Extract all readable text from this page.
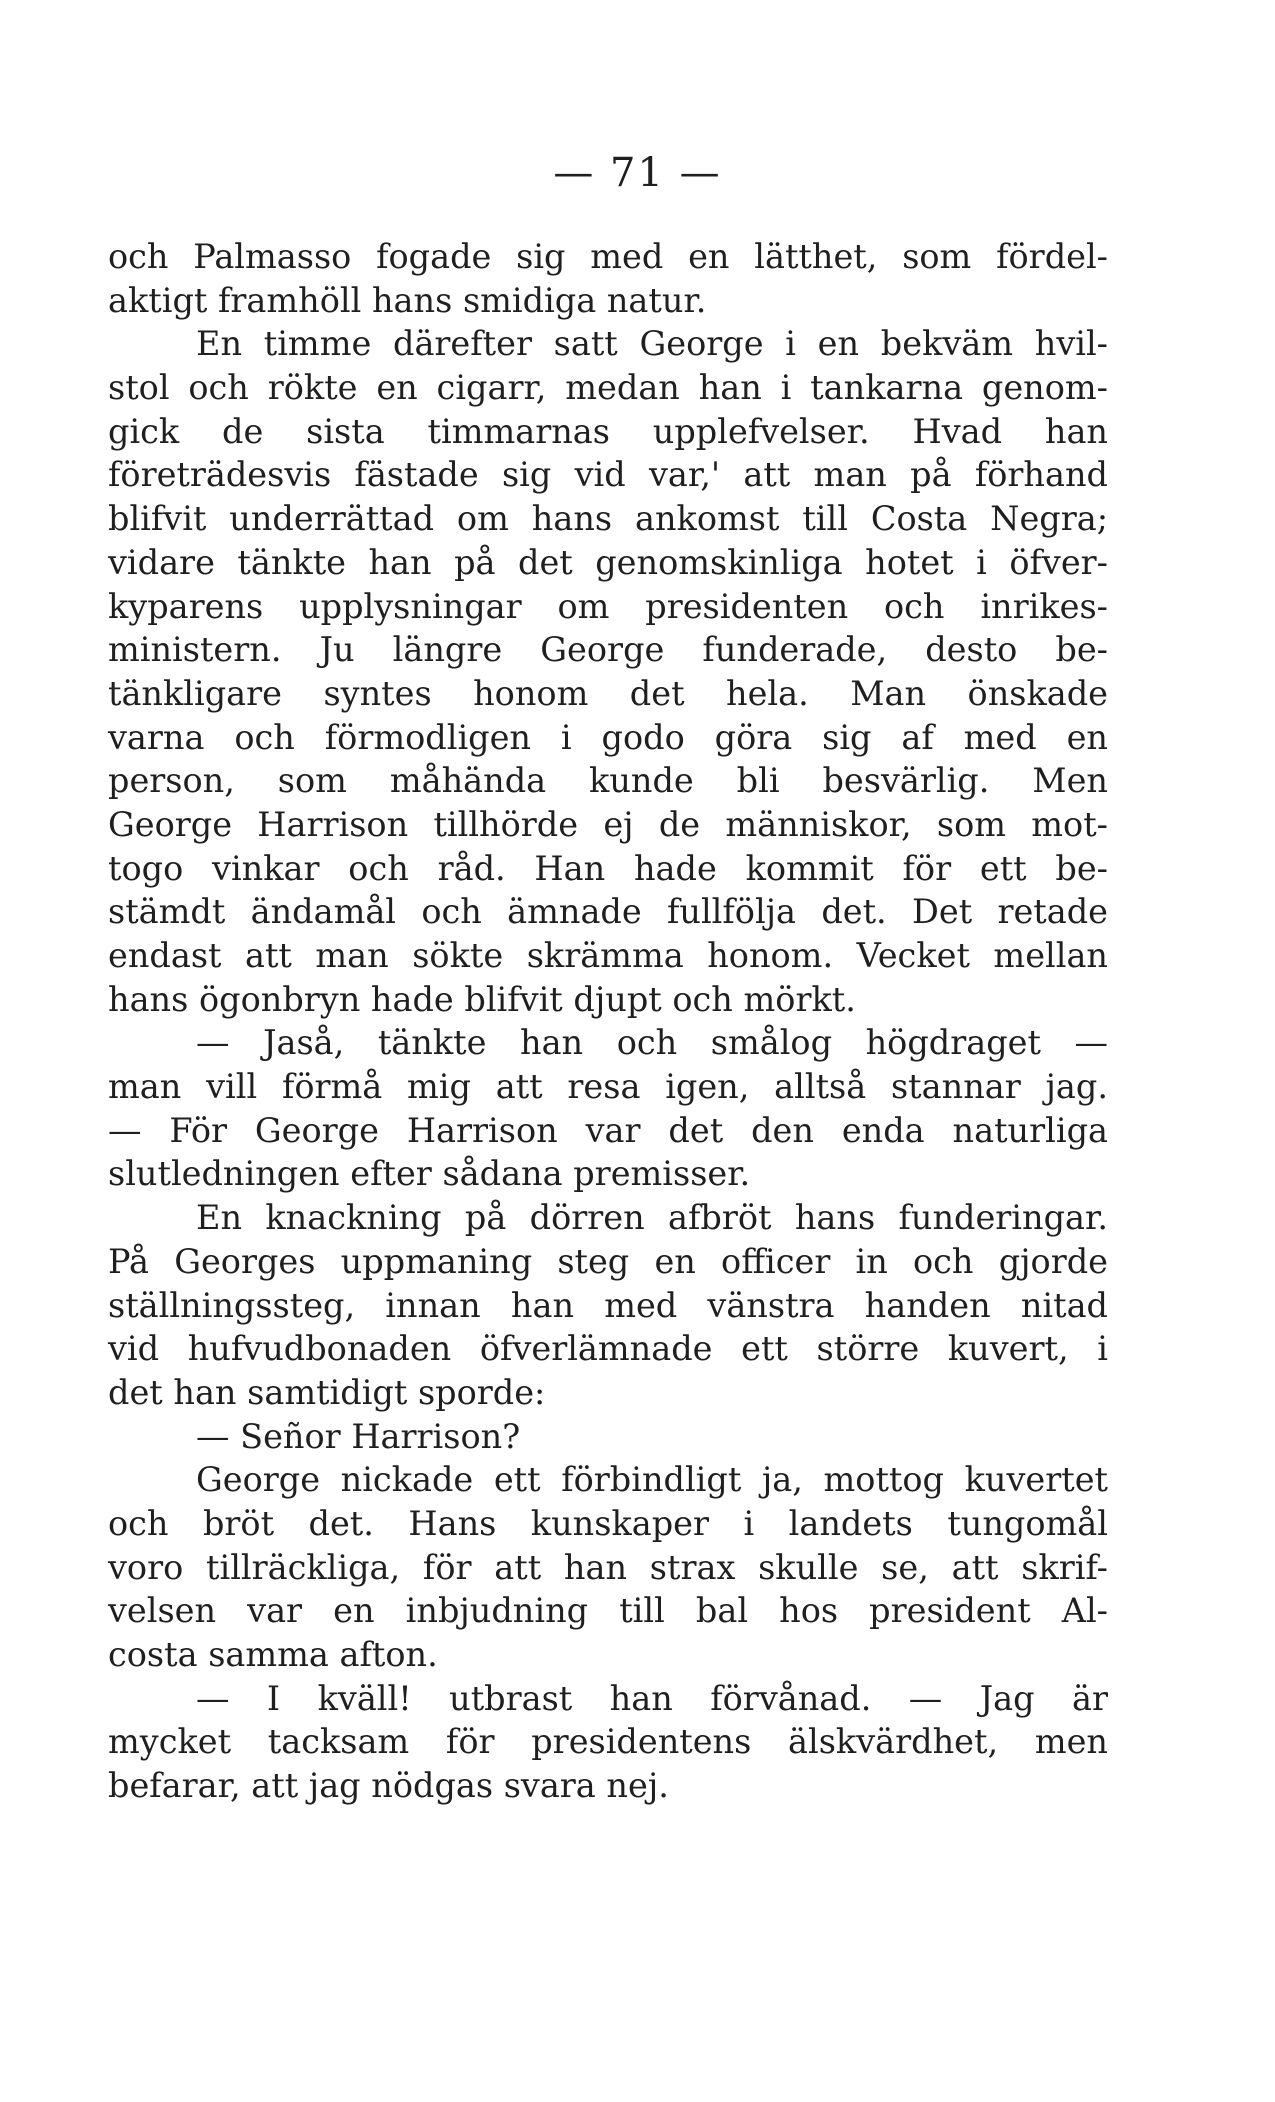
— 71 —
och Palmasso fogade sig med en lätthet, som fördel-
aktigt framhöll hans smidiga natur.
En timme därefter satt George i en bekväm hvil-
stol och rökte en cigarr, medan han i tankarna genom-
gick de sista timmarnas upplefvelser. Hvad han
företrädesvis fästade sig vid var,' att man på förhand
blifvit underrättad om hans ankomst till Costa Negra;
vidare tänkte han på det genomskinliga hotet i öfver-
kyparens upplysningar om presidenten och inrikes-
ministern. Ju längre George funderade, desto be-
tänkligare syntes honom det hela. Man önskade
varna och förmodligen i godo göra sig af med en
person, som måhända kunde bli besvärlig. Men
George Harrison tillhörde ej de människor, som mot-
togo vinkar och råd. Han hade kommit för ett be-
stämdt ändamål och ämnade fullfölja det. Det retade
endast att man sökte skrämma honom. Vecket mellan
hans ögonbryn hade blifvit djupt och mörkt.
— Jaså, tänkte han och smålog högdraget —
man vill förmå mig att resa igen, alltså stannar jag.
— För George Harrison var det den enda naturliga
slutledningen efter sådana premisser.
En knackning på dörren afbröt hans funderingar.
På Georges uppmaning steg en officer in och gjorde
ställningssteg, innan han med vänstra handen nitad
vid hufvudbonaden öfverlämnade ett större kuvert, i
det han samtidigt sporde:
— Señor Harrison?
George nickade ett förbindligt ja, mottog kuvertet
och bröt det. Hans kunskaper i landets tungomål
voro tillräckliga, för att han strax skulle se, att skrif-
velsen var en inbjudning till bal hos president Al-
costa samma afton.
— I kväll! utbrast han förvånad. — Jag är
mycket tacksam för presidentens älskvärdhet, men
befarar, att jag nödgas svara nej.
